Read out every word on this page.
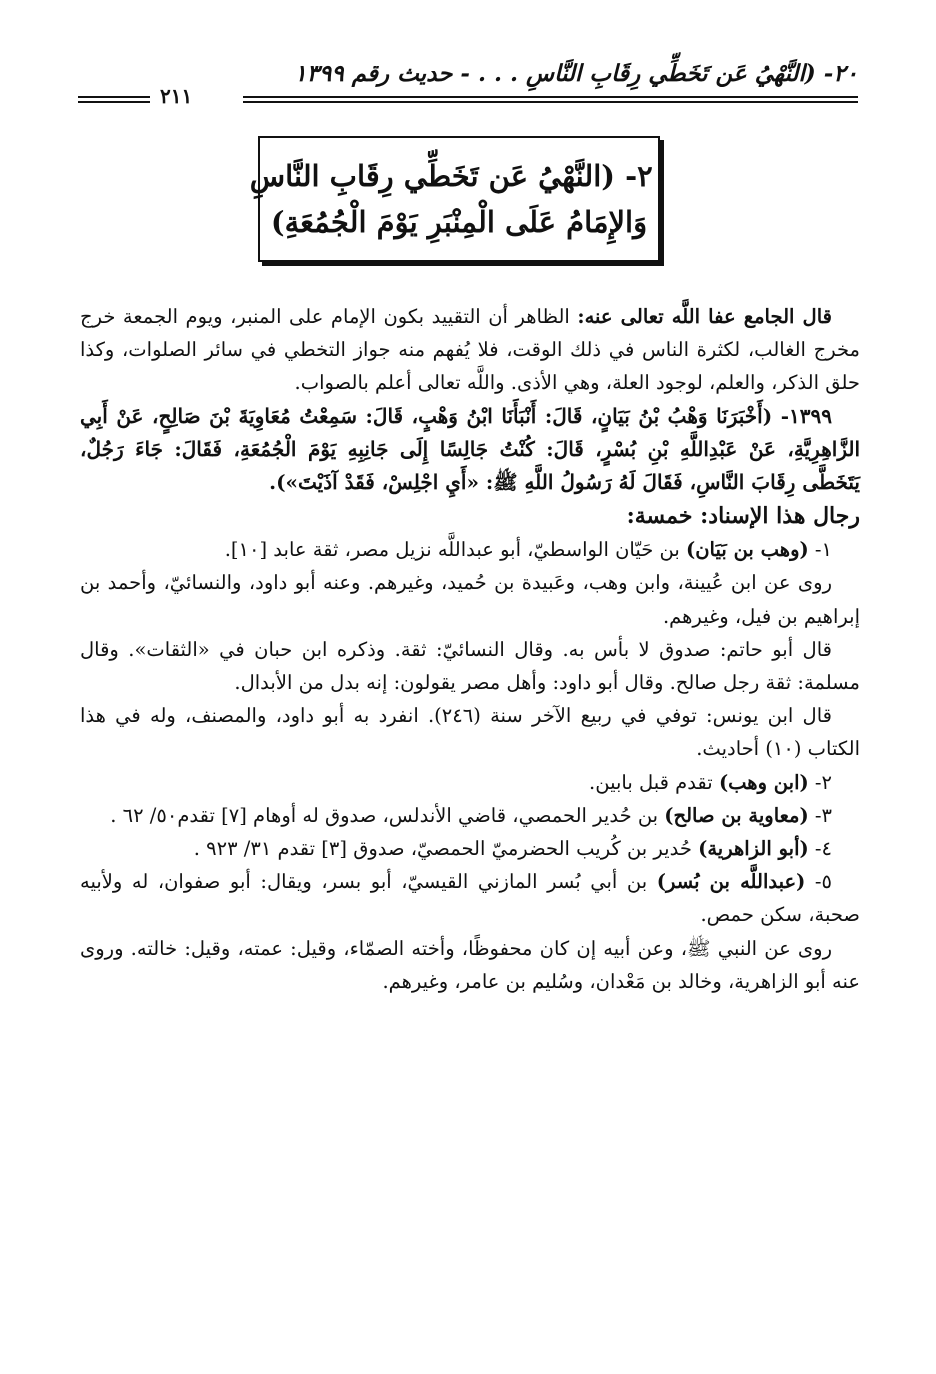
٢٠- (النَّهْيُ عَن تَخَطِّي رِقَابِ النَّاسِ . . . - حديث رقم ١٣٩٩
٢١١
٢٠- (النَّهْيُ عَن تَخَطِّي رِقَابِ النَّاسِ
وَالإِمَامُ عَلَى الْمِنْبَرِ يَوْمَ الْجُمُعَةِ)

قال الجامع عفا اللَّه تعالى عنه: الظاهر أن التقييد بكون الإمام على المنبر، ويوم الجمعة خرج مخرج الغالب، لكثرة الناس في ذلك الوقت، فلا يُفهم منه جواز التخطي في سائر الصلوات، وكذا حلق الذكر، والعلم، لوجود العلة، وهي الأذى. واللَّه تعالى أعلم بالصواب.

١٣٩٩- (أَخْبَرَنَا وَهْبُ بْنُ بَيَانٍ، قَالَ: أَنْبَأَنَا ابْنُ وَهْبٍ، قَالَ: سَمِعْتُ مُعَاوِيَةَ بْنَ صَالِحٍ، عَنْ أَبِي الزَّاهِرِيَّةِ، عَنْ عَبْدِاللَّهِ بْنِ بُسْرٍ، قَالَ: كُنْتُ جَالِسًا إِلَى جَانِبِهِ يَوْمَ الْجُمُعَةِ، فَقَالَ: جَاءَ رَجُلٌ، يَتَخَطَّى رِقَابَ النَّاسِ، فَقَالَ لَهُ رَسُولُ اللَّهِ ﷺ: «أَيِ اجْلِسْ، فَقَدْ آذَيْتَ»).

رجال هذا الإسناد: خمسة:

١- (وهب بن بَيَان) بن حَيّان الواسطيّ، أبو عبداللَّه نزيل مصر، ثقة عابد [١٠].

روى عن ابن عُيينة، وابن وهب، وعَبيدة بن حُميد، وغيرهم. وعنه أبو داود، والنسائيّ، وأحمد بن إبراهيم بن فيل، وغيرهم.

قال أبو حاتم: صدوق لا بأس به. وقال النسائيّ: ثقة. وذكره ابن حبان في «الثقات». وقال مسلمة: ثقة رجل صالح. وقال أبو داود: وأهل مصر يقولون: إنه بدل من الأبدال.

قال ابن يونس: توفي في ربيع الآخر سنة (٢٤٦). انفرد به أبو داود، والمصنف، وله في هذا الكتاب (١٠) أحاديث.

٢- (ابن وهب) تقدم قبل بابين.

٣- (معاوية بن صالح) بن حُدير الحمصي، قاضي الأندلس، صدوق له أوهام [٧] تقدم٥٠/ ٦٢ .

٤- (أبو الزاهرية) حُدير بن كُريب الحضرميّ الحمصيّ، صدوق [٣] تقدم ٣١/ ٩٢٣ .

٥- (عبداللَّه بن بُسر) بن أبي بُسر المازني القيسيّ، أبو بسر، ويقال: أبو صفوان، له ولأبيه صحبة، سكن حمص.

روى عن النبي ﷺ، وعن أبيه إن كان محفوظًا، وأخته الصمّاء، وقيل: عمته، وقيل: خالته. وروى عنه أبو الزاهرية، وخالد بن مَعْدان، وسُليم بن عامر، وغيرهم.
